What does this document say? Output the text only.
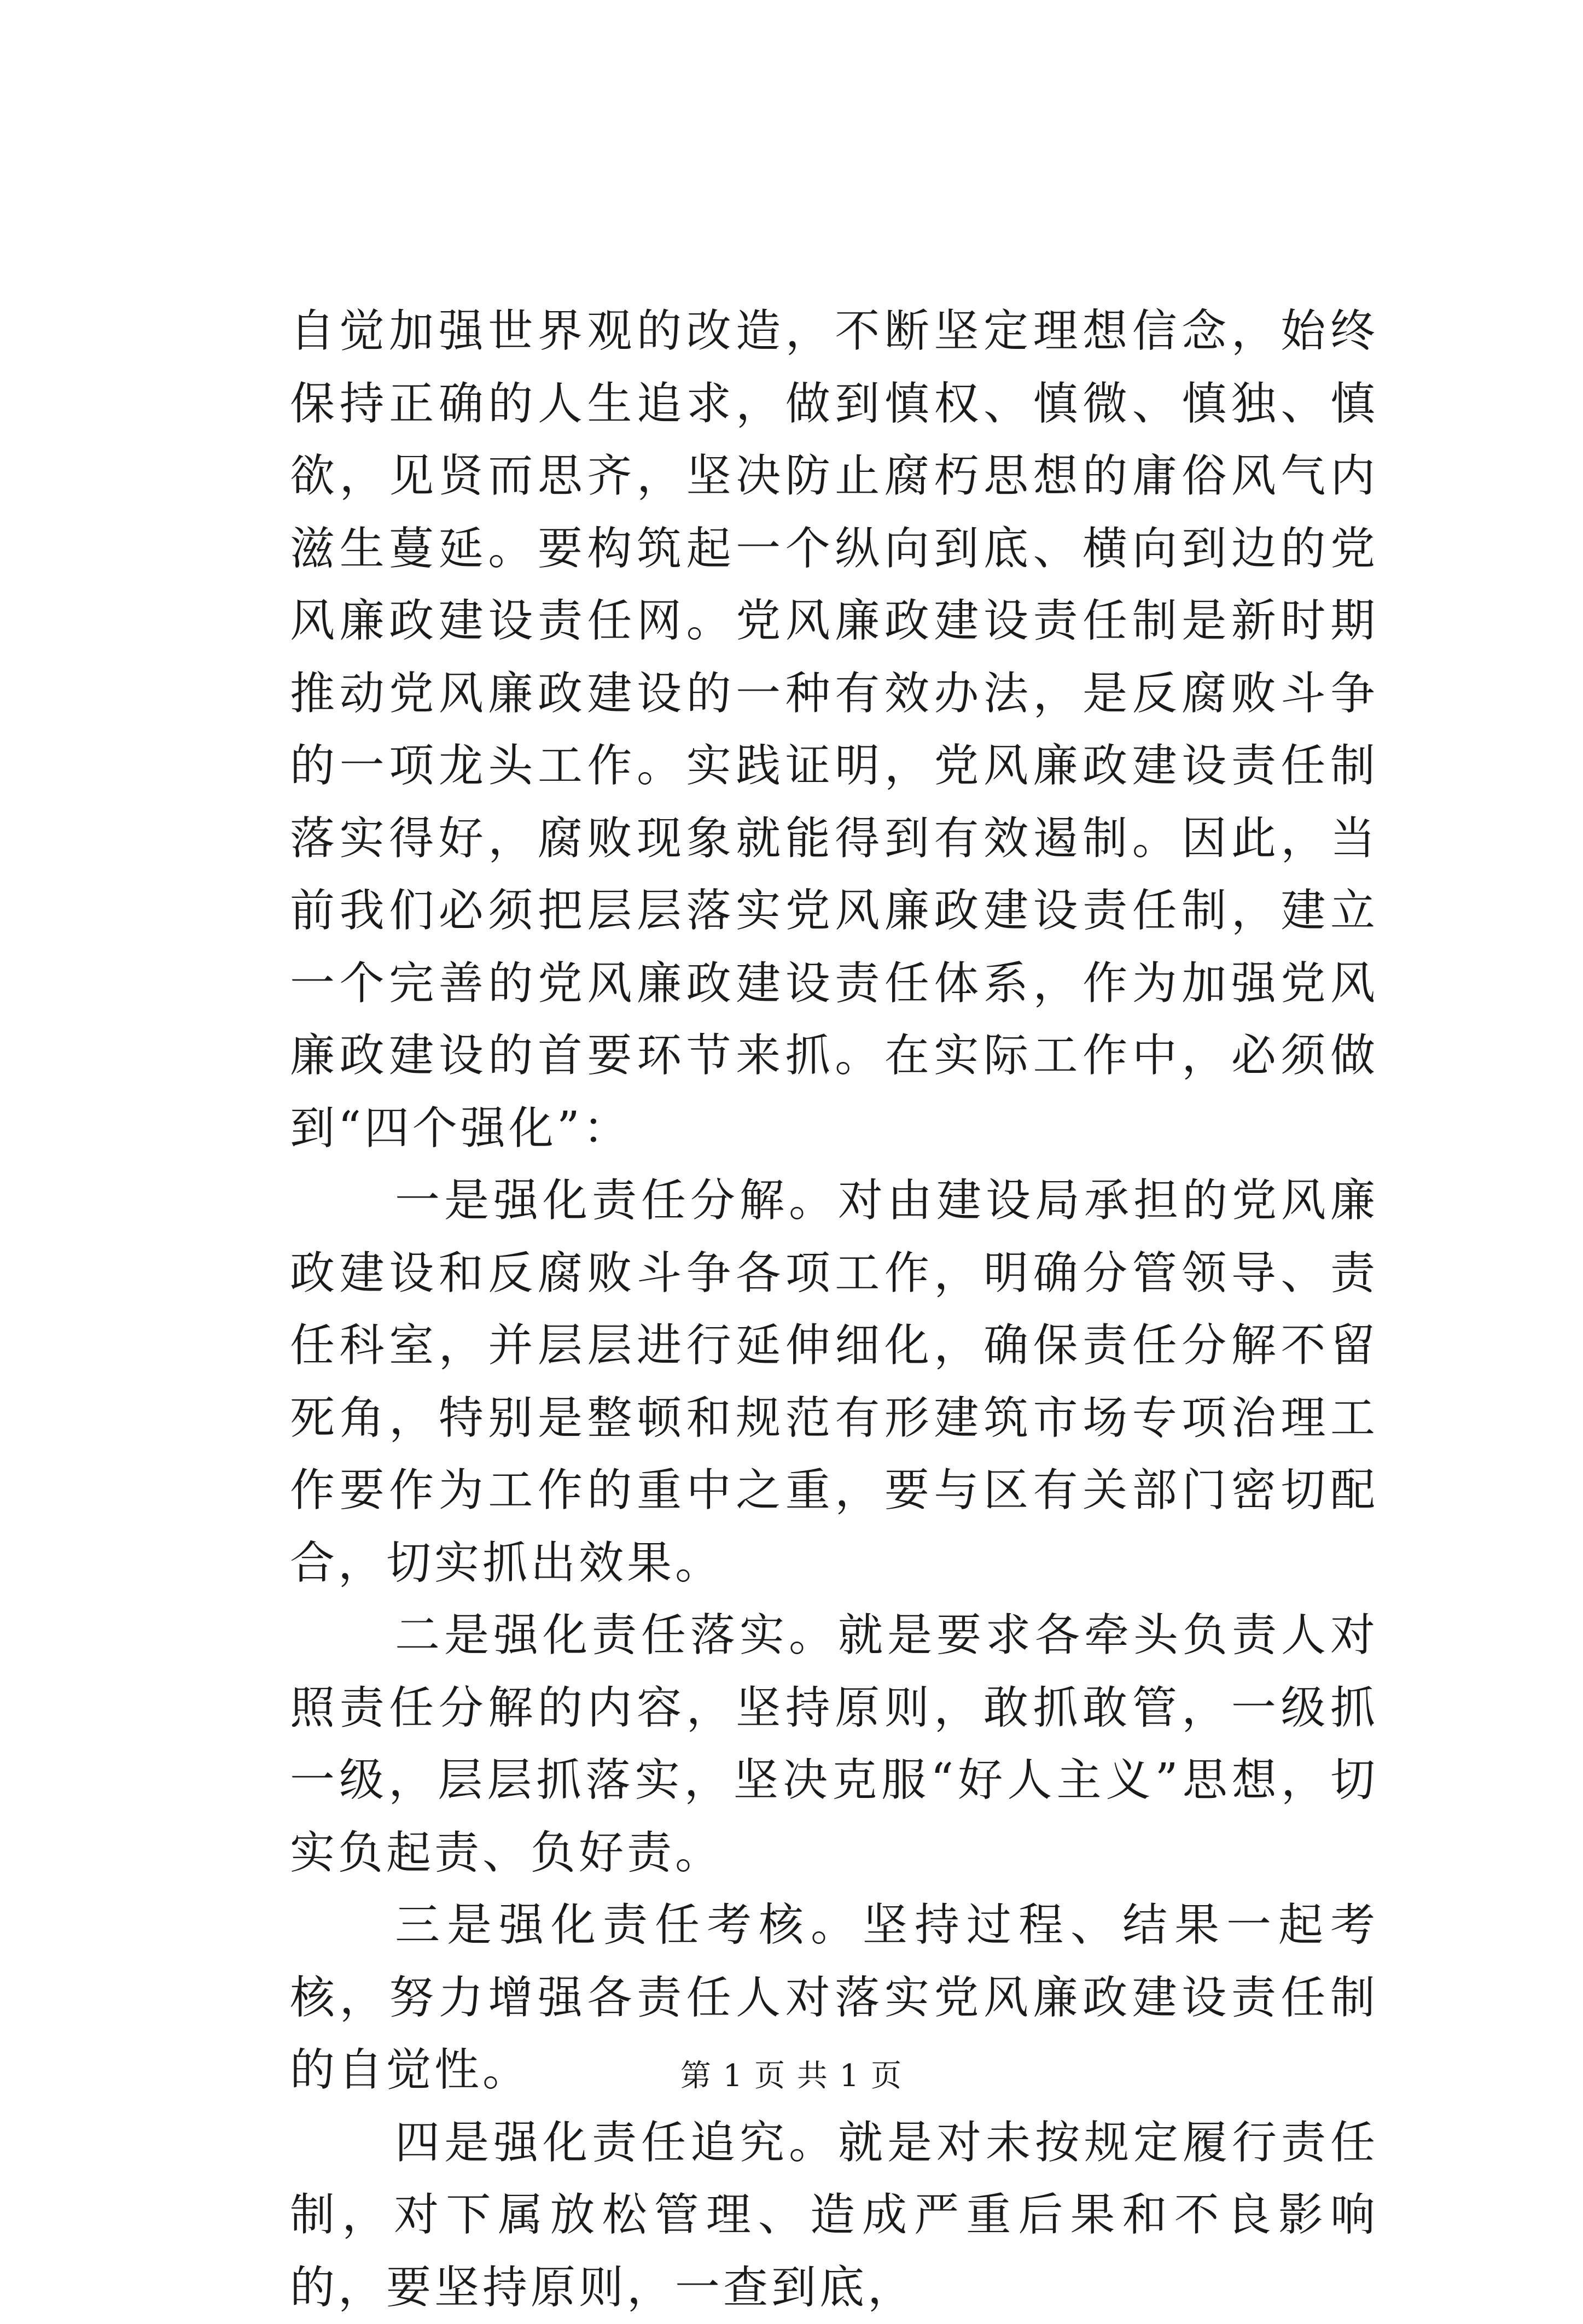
自觉加强世界观的改造，不断坚定理想信念，始终保持正确的人生追求，做到慎权、慎微、慎独、慎欲，见贤而思齐，坚决防止腐朽思想的庸俗风气内滋生蔓延。要构筑起一个纵向到底、横向到边的党风廉政建设责任网。党风廉政建设责任制是新时期推动党风廉政建设的一种有效办法，是反腐败斗争的一项龙头工作。实践证明，党风廉政建设责任制落实得好，腐败现象就能得到有效遏制。因此，当前我们必须把层层落实党风廉政建设责任制，建立一个完善的党风廉政建设责任体系，作为加强党风廉政建设的首要环节来抓。在实际工作中，必须做到“四个强化”：

一是强化责任分解。对由建设局承担的党风廉政建设和反腐败斗争各项工作，明确分管领导、责任科室，并层层进行延伸细化，确保责任分解不留死角，特别是整顿和规范有形建筑市场专项治理工作要作为工作的重中之重，要与区有关部门密切配合，切实抓出效果。

二是强化责任落实。就是要求各牵头负责人对照责任分解的内容，坚持原则，敢抓敢管，一级抓一级，层层抓落实，坚决克服“好人主义”思想，切实负起责、负好责。

三是强化责任考核。坚持过程、结果一起考核，努力增强各责任人对落实党风廉政建设责任制的自觉性。

四是强化责任追究。就是对未按规定履行责任制，对下属放松管理、造成严重后果和不良影响的，要坚持原则，一查到底，

第 1 页 共 1 页
